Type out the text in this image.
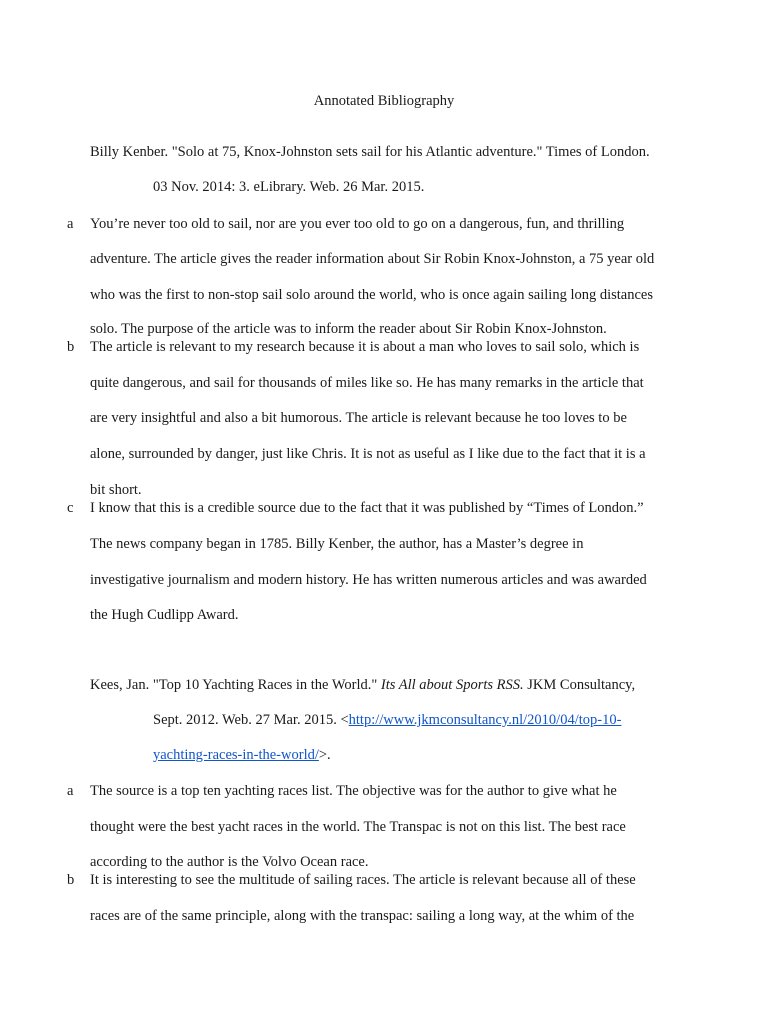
Annotated Bibliography
Billy Kenber. "Solo at 75, Knox-Johnston sets sail for his Atlantic adventure." Times of London.
03 Nov. 2014: 3. eLibrary. Web. 26 Mar. 2015.
a You’re never too old to sail, nor are you ever too old to go on a dangerous, fun, and thrilling
adventure. The article gives the reader information about Sir Robin Knox-Johnston, a 75 year old
who was the first to non-stop sail solo around the world, who is once again sailing long distances
solo. The purpose of the article was to inform the reader about Sir Robin Knox-Johnston.
b The article is relevant to my research because it is about a man who loves to sail solo, which is
quite dangerous, and sail for thousands of miles like so. He has many remarks in the article that
are very insightful and also a bit humorous. The article is relevant because he too loves to be
alone, surrounded by danger, just like Chris. It is not as useful as I like due to the fact that it is a
bit short.
c I know that this is a credible source due to the fact that it was published by “Times of London.”
The news company began in 1785. Billy Kenber, the author, has a Master’s degree in
investigative journalism and modern history. He has written numerous articles and was awarded
the Hugh Cudlipp Award.
Kees, Jan. "Top 10 Yachting Races in the World." Its All about Sports RSS. JKM Consultancy,
Sept. 2012. Web. 27 Mar. 2015. <http://www.jkmconsultancy.nl/2010/04/top-10-
yachting-races-in-the-world/>.
a The source is a top ten yachting races list. The objective was for the author to give what he
thought were the best yacht races in the world. The Transpac is not on this list. The best race
according to the author is the Volvo Ocean race.
b It is interesting to see the multitude of sailing races. The article is relevant because all of these
races are of the same principle, along with the transpac: sailing a long way, at the whim of the
